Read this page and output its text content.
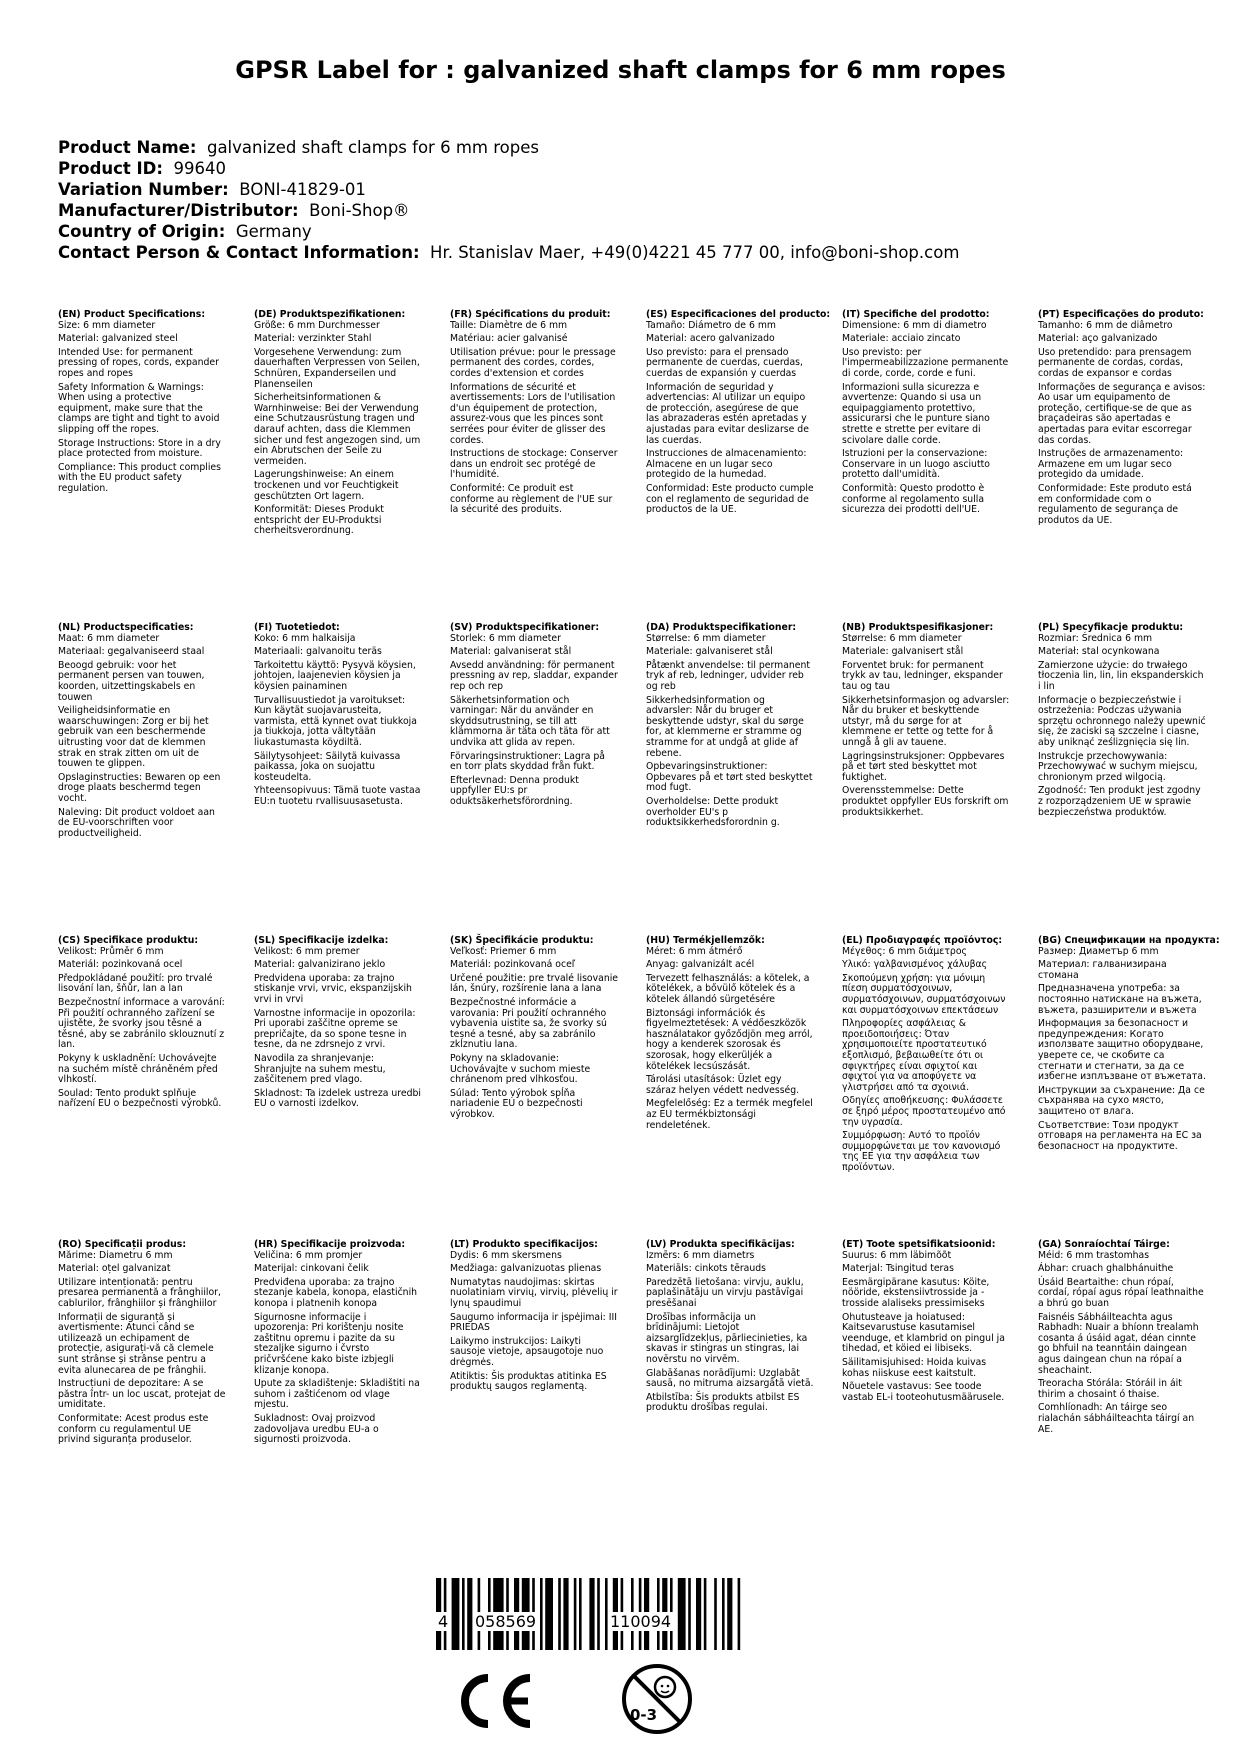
GPSR Label for : galvanized shaft clamps for 6 mm ropes
Product Name: galvanized shaft clamps for 6 mm ropes
Product ID: 99640
Variation Number: BONI-41829-01
Manufacturer/Distributor: Boni-Shop®
Country of Origin: Germany
Contact Person & Contact Information: Hr. Stanislav Maer, +49(0)4221 45 777 00, info@boni-shop.com
(EN) Product Specifications:
Size: 6 mm diameter
Material: galvanized steel
Intended Use: for permanent pressing of ropes, cords, expander ropes and ropes
Safety Information & Warnings: When using a protective equipment, make sure that the clamps are tight and tight to avoid slipping off the ropes.
Storage Instructions: Store in a dry place protected from moisture.
Compliance: This product complies with the EU product safety regulation.
(DE) Produktspezifikationen:
Größe: 6 mm Durchmesser
Material: verzinkter Stahl
Vorgesehene Verwendung: zum dauerhaften Verpressen von Seilen, Schnüren, Expanderseilen und Planenseilen
Sicherheitsinformationen & Warnhinweise: Bei der Verwendung eine Schutzausrüstung tragen und darauf achten, dass die Klemmen sicher und fest angezogen sind, um ein Abrutschen der Seile zu vermeiden.
Lagerungshinweise: An einem trockenen und vor Feuchtigkeit geschützten Ort lagern.
Konformität: Dieses Produkt entspricht der EU-Produktsi cherheitsverordnung.
(FR) Spécifications du produit:
Taille: Diamètre de 6 mm
Matériau: acier galvanisé
Utilisation prévue: pour le pressage permanent des cordes, cordes, cordes d'extension et cordes
Informations de sécurité et avertissements: Lors de l'utilisation d'un équipement de protection, assurez-vous que les pinces sont serrées pour éviter de glisser des cordes.
Instructions de stockage: Conserver dans un endroit sec protégé de l'humidité.
Conformité: Ce produit est conforme au règlement de l'UE sur la sécurité des produits.
(ES) Especificaciones del producto:
Tamaño: Diámetro de 6 mm
Material: acero galvanizado
Uso previsto: para el prensado permanente de cuerdas, cuerdas, cuerdas de expansión y cuerdas
Información de seguridad y advertencias: Al utilizar un equipo de protección, asegúrese de que las abrazaderas estén apretadas y ajustadas para evitar deslizarse de las cuerdas.
Instrucciones de almacenamiento: Almacene en un lugar seco protegido de la humedad.
Conformidad: Este producto cumple con el reglamento de seguridad de productos de la UE.
(IT) Specifiche del prodotto:
Dimensione: 6 mm di diametro
Materiale: acciaio zincato
Uso previsto: per l'impermeabilizzazione permanente di corde, corde, corde e funi.
Informazioni sulla sicurezza e avvertenze: Quando si usa un equipaggiamento protettivo, assicurarsi che le punture siano strette e strette per evitare di scivolare dalle corde.
Istruzioni per la conservazione: Conservare in un luogo asciutto protetto dall'umidità.
Conformità: Questo prodotto è conforme al regolamento sulla sicurezza dei prodotti dell'UE.
(PT) Especificações do produto:
Tamanho: 6 mm de diâmetro
Material: aço galvanizado
Uso pretendido: para prensagem permanente de cordas, cordas, cordas de expansor e cordas
Informações de segurança e avisos: Ao usar um equipamento de proteção, certifique-se de que as braçadeiras são apertadas e apertadas para evitar escorregar das cordas.
Instruções de armazenamento: Armazene em um lugar seco protegido da umidade.
Conformidade: Este produto está em conformidade com o regulamento de segurança de produtos da UE.
(NL) Productspecificaties:
Maat: 6 mm diameter
Materiaal: gegalvaniseerd staal
Beoogd gebruik: voor het permanent persen van touwen, koorden, uitzettingskabels en touwen
Veiligheidsinformatie en waarschuwingen: Zorg er bij het gebruik van een beschermende uitrusting voor dat de klemmen strak en strak zitten om uit de touwen te glippen.
Opslaginstructies: Bewaren op een droge plaats beschermd tegen vocht.
Naleving: Dit product voldoet aan de EU-voorschriften voor productveiligheid.
(FI) Tuotetiedot:
Koko: 6 mm halkaisija
Materiaali: galvanoitu teräs
Tarkoitettu käyttö: Pysyvä köysien, johtojen, laajenevien köysien ja köysien painaminen
Turvallisuustiedot ja varoitukset: Kun käytät suojavarusteita, varmista, että kynnet ovat tiukkoja ja tiukkoja, jotta vältytään liukastumasta köydiltä.
Säilytysohjeet: Säilytä kuivassa paikassa, joka on suojattu kosteudelta.
Yhteensopivuus: Tämä tuote vastaa EU:n tuotetu rvallisuusasetusta.
(SV) Produktspecifikationer:
Storlek: 6 mm diameter
Material: galvaniserat stål
Avsedd användning: för permanent pressning av rep, sladdar, expander rep och rep
Säkerhetsinformation och varningar: När du använder en skyddsutrustning, se till att klämmorna är täta och täta för att undvika att glida av repen.
Förvaringsinstruktioner: Lagra på en torr plats skyddad från fukt.
Efterlevnad: Denna produkt uppfyller EU:s pr oduktsäkerhetsförordning.
(DA) Produktspecifikationer:
Størrelse: 6 mm diameter
Materiale: galvaniseret stål
Påtænkt anvendelse: til permanent tryk af reb, ledninger, udvider reb og reb
Sikkerhedsinformation og advarsler: Når du bruger et beskyttende udstyr, skal du sørge for, at klemmerne er stramme og stramme for at undgå at glide af rebene.
Opbevaringsinstruktioner: Opbevares på et tørt sted beskyttet mod fugt.
Overholdelse: Dette produkt overholder EU's p roduktsikkerhedsforordnin g.
(NB) Produktspesifikasjoner:
Størrelse: 6 mm diameter
Materiale: galvanisert stål
Forventet bruk: for permanent trykk av tau, ledninger, ekspander tau og tau
Sikkerhetsinformasjon og advarsler: Når du bruker et beskyttende utstyr, må du sørge for at klemmene er tette og tette for å unngå å gli av tauene.
Lagringsinstruksjoner: Oppbevares på et tørt sted beskyttet mot fuktighet.
Overensstemmelse: Dette produktet oppfyller EUs forskrift om produktsikkerhet.
(PL) Specyfikacje produktu:
Rozmiar: Średnica 6 mm
Materiał: stal ocynkowana
Zamierzone użycie: do trwałego tłoczenia lin, lin, lin ekspanderskich i lin
Informacje o bezpieczeństwie i ostrzeżenia: Podczas używania sprzętu ochronnego należy upewnić się, że zaciski są szczelne i ciasne, aby uniknąć ześlizgnięcia się lin.
Instrukcje przechowywania: Przechowywać w suchym miejscu, chronionym przed wilgocią.
Zgodność: Ten produkt jest zgodny z rozporządzeniem UE w sprawie bezpieczeństwa produktów.
(CS) Specifikace produktu:
Velikost: Průměr 6 mm
Materiál: pozinkovaná ocel
Předpokládané použití: pro trvalé lisování lan, šňůr, lan a lan
Bezpečnostní informace a varování: Při použití ochranného zařízení se ujistěte, že svorky jsou těsné a těsné, aby se zabránilo sklouznutí z lan.
Pokyny k uskladnění: Uchovávejte na suchém místě chráněném před vlhkostí.
Soulad: Tento produkt splňuje nařízení EU o bezpečnosti výrobků.
(SL) Specifikacije izdelka:
Velikost: 6 mm premer
Material: galvanizirano jeklo
Predvidena uporaba: za trajno stiskanje vrvi, vrvic, ekspanzijskih vrvi in vrvi
Varnostne informacije in opozorila: Pri uporabi zaščitne opreme se prepričajte, da so spone tesne in tesne, da ne zdrsnejo z vrvi.
Navodila za shranjevanje: Shranjujte na suhem mestu, zaščitenem pred vlago.
Skladnost: Ta izdelek ustreza uredbi EU o varnosti izdelkov.
(SK) Špecifikácie produktu:
Veľkosť: Priemer 6 mm
Materiál: pozinkovaná oceľ
Určené použitie: pre trvalé lisovanie lán, šnúry, rozšírenie lana a lana
Bezpečnostné informácie a varovania: Pri použití ochranného vybavenia uistite sa, že svorky sú tesné a tesné, aby sa zabránilo zkĺznutiu lana.
Pokyny na skladovanie: Uchovávajte v suchom mieste chránenom pred vlhkosťou.
Súlad: Tento výrobok spĺňa nariadenie EÚ o bezpečnosti výrobkov.
(HU) Termékjellemzők:
Méret: 6 mm átmérő
Anyag: galvanizált acél
Tervezett felhasználás: a kötelek, a kötelékek, a bővülő kötelek és a kötelek állandó sürgetésére
Biztonsági információk és figyelmeztetések: A védőeszközök használatakor győződjön meg arról, hogy a kenderek szorosak és szorosak, hogy elkerüljék a kötelékek lecsúszását.
Tárolási utasítások: Üzlet egy száraz helyen védett nedvesség.
Megfelelőség: Ez a termék megfelel az EU termékbiztonsági rendeletének.
(EL) Προδιαγραφές προϊόντος:
Μέγεθος: 6 mm διάμετρος
Υλικό: γαλβανισμένος χάλυβας
Σκοπούμενη χρήση: για μόνιμη πίεση συρματόσχοινων, συρματόσχοινων, συρματόσχοινων και συρματόσχοινων επεκτάσεων
Πληροφορίες ασφάλειας & προειδοποιήσεις: Όταν χρησιμοποιείτε προστατευτικό εξοπλισμό, βεβαιωθείτε ότι οι σφιγκτήρες είναι σφιχτοί και σφιχτοί για να αποφύγετε να γλιστρήσει από τα σχοινιά.
Οδηγίες αποθήκευσης: Φυλάσσετε σε ξηρό μέρος προστατευμένο από την υγρασία.
Συμμόρφωση: Αυτό το προϊόν συμμορφώνεται με τον κανονισμό της ΕΕ για την ασφάλεια των προϊόντων.
(BG) Спецификации на продукта:
Размер: Диаметър 6 mm
Материал: галванизирана стомана
Предназначена употреба: за постоянно натискане на въжета, въжета, разширители и въжета
Информация за безопасност и предупреждения: Когато използвате защитно оборудване, уверете се, че скобите са стегнати и стегнати, за да се избегне изплъзване от въжетата.
Инструкции за съхранение: Да се съхранява на сухо място, защитено от влага.
Съответствие: Този продукт отговаря на регламента на ЕС за безопасност на продуктите.
(RO) Specificații produs:
Mărime: Diametru 6 mm
Material: oțel galvanizat
Utilizare intenționată: pentru presarea permanentă a frânghiilor, cablurilor, frânghiilor și frânghiilor
Informații de siguranță și avertismente: Atunci când se utilizează un echipament de protecție, asigurați-vă că clemele sunt strânse și strânse pentru a evita alunecarea de pe frânghii.
Instrucțiuni de depozitare: A se păstra într- un loc uscat, protejat de umiditate.
Conformitate: Acest produs este conform cu regulamentul UE privind siguranța produselor.
(HR) Specifikacije proizvoda:
Veličina: 6 mm promjer
Materijal: cinkovani čelik
Predviđena uporaba: za trajno stezanje kabela, konopa, elastičnih konopa i platnenih konopa
Sigurnosne informacije i upozorenja: Pri korištenju nosite zaštitnu opremu i pazite da su stezaljke sigurno i čvrsto pričvršćene kako biste izbjegli klizanje konopa.
Upute za skladištenje: Skladištiti na suhom i zaštićenom od vlage mjestu.
Sukladnost: Ovaj proizvod zadovoljava uredbu EU-a o sigurnosti proizvoda.
(LT) Produkto specifikacijos:
Dydis: 6 mm skersmens
Medžiaga: galvanizuotas plienas
Numatytas naudojimas: skirtas nuolatiniam virvių, virvių, plėvelių ir lynų spaudimui
Saugumo informacija ir įspėjimai: III PRIEDAS
Laikymo instrukcijos: Laikyti sausoje vietoje, apsaugotoje nuo drėgmės.
Atitiktis: Šis produktas atitinka ES produktų saugos reglamentą.
(LV) Produkta specifikācijas:
Izmērs: 6 mm diametrs
Materiāls: cinkots tērauds
Paredzētā lietošana: virvju, auklu, paplašinātāju un virvju pastāvīgai presēšanai
Drošības informācija un brīdinājumi: Lietojot aizsarglīdzekļus, pārliecinieties, ka skavas ir stingras un stingras, lai novērstu no virvēm.
Glabāšanas norādījumi: Uzglabāt sausā, no mitruma aizsargātā vietā.
Atbilstība: Šis produkts atbilst ES produktu drošības regulai.
(ET) Toote spetsifikatsioonid:
Suurus: 6 mm läbimõõt
Materjal: Tsingitud teras
Eesmärgipärane kasutus: Köite, nööride, ekstensiivtrosside ja -trosside alaliseks pressimiseks
Ohutusteave ja hoiatused: Kaitsevarustuse kasutamisel veenduge, et klambrid on pingul ja tihedad, et köied ei libiseks.
Säilitamisjuhised: Hoida kuivas kohas niiskuse eest kaitstult.
Nõuetele vastavus: See toode vastab EL-i tooteohutusmäärusele.
(GA) Sonraíochtaí Táirge:
Méid: 6 mm trastomhas
Ábhar: cruach ghalbhánuithe
Úsáid Beartaithe: chun rópaí, cordaí, rópaí agus rópaí leathnaithe a bhrú go buan
Faisnéis Sábháilteachta agus Rabhadh: Nuair a bhíonn trealamh cosanta á úsáid agat, déan cinnte go bhfuil na teanntáin daingean agus daingean chun na rópaí a sheachaint.
Treoracha Stórála: Stóráil in áit thirim a chosaint ó thaise.
Comhlíonadh: An táirge seo rialachán sábháilteachta táirgí an AE.
4 058569	110094
0-3
